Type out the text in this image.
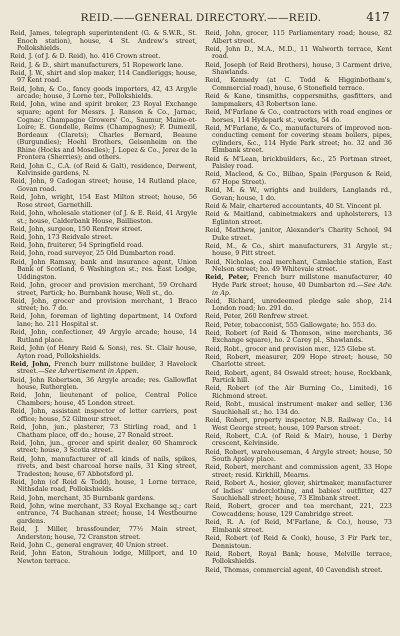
REID.——GENERAL DIRECTORY.——REID.	417

Reid, James, telegraph superintendent (G. & S.W.R., St. Enoch station), house, 4 St. Andrew's street, Pollokshields.

Reid, J. (of J. & D. Reid), ho. 416 Crown street.

Reid, J. & D., shirt manufacturers, 51 Ropework lane.

Reid, J. W., shirt and slop maker, 114 Candleriggs; house, 97 Kent road.

Reid, John, & Co., fancy goods importers, 42, 43 Argyle arcade; house, 3 Lorne ter., Pollokshields.

Reid, John, wine and spirit broker, 23 Royal Exchange square; agent for Messrs. J. Ranson & Co., Jarnac, Cognac; Champagne Growers' Co., Saumur, Maine-et-Loire; E. Gondelle, Reims (Champagnes); F. Dumezil, Bordeaux (Clarets); Charles Bernard, Beaune (Burgundies); Hoehl Brothers, Geisenheim on the Rhine (Hocks and Moselles); J. Lopez & Co., Jerez de la Frontera (Sherries); and others.

Reid, John C., C.A. (of Reid & Galt), residence, Derwent, Kelvinside gardens, N.

Reid, John, 9 Cadogan street; house, 14 Rutland place, Govan road.

Reid, John, wright, 154 East Milton street; house, 56 Rose street, Garnethill.

Reid, John, wholesale stationer (of J. & E. Reid, 41 Argyle st.; house, Calderbank House, Baillieston.

Reid, John, surgeon, 150 Renfrew street.

Reid, John, 173 Reidvale street.

Reid, John, fruiterer, 54 Springfield road.

Reid, John, road surveyor, 25 Old Dumbarton road.

Reid, John Ramsay, bank and insurance agent, Union Bank of Scotland, 6 Washington st.; res. East Lodge, Uddingston.

Reid, John, grocer and provision merchant, 59 Orchard street, Partick; ho. Burnbank house, Well st., do.

Reid, John, grocer and provision merchant, 1 Braco street; ho. 7 do.

Reid, John, foreman of lighting department, 14 Oxford lane; ho. 211 Hospital st.

Reid, John, confectioner, 49 Argyle arcade; house, 14 Rutland place.

Reid, John (of Henry Reid & Sons), res. St. Clair house, Ayton road, Pollokshields.

Reid, John, French burr millstone builder, 3 Havelock street.—See Advertisement in Appen.

Reid, John Robertson, 36 Argyle arcade; res. Gallowflat house, Rutherglen.

Reid, John, lieutenant of police, Central Police Chambers; house, 45 London street.

Reid, John, assistant inspector of letter carriers, post office; house, 52 Gilmour street.

Reid, John, jun., plasterer, 73 Stirling road, and 1 Chatham place, off do.; house, 27 Ronald street.

Reid, John, jun., grocer and spirit dealer, 60 Shamrock street; house, 3 Scotia street.

Reid, John, manufacturer of all kinds of nails, spikes, rivets, and best charcoal horse nails, 31 King street, Tradeston; house, 67 Abbotsford pl.

Reid, John (of Reid & Todd), house, 1 Lorne terrace, Nithsdale road, Pollokshields.

Reid, John, merchant, 35 Burnbank gardens.

Reid, John, wine merchant, 33 Royal Exchange sq.; cart entrance, 74 Buchanan street; house, 14 Westbourne gardens.

Reid, J. Miller, brassfounder, 77½ Main street, Anderston; house, 72 Cranston street.

Reid, John C., general engraver, 40 Union street.

Reid, John Eaton, Strahoun lodge, Millport, and 10 Newton terrace.

Reid, John, grocer, 115 Parliamentary road; house, 82 Albert street.

Reid, John D., M.A., M.D., 11 Walworth terrace, Kent road.

Reid, Joseph (of Reid Brothers), house, 3 Carment drive, Shawlands.

Reid, Kennedy (at C. Todd & Higginbotham's, Commercial road), house, 6 Stonefield terrace.

Reid & Kane, tinsmiths, coppersmiths, gasfitters, and lampmakers, 43 Robertson lane.

Reid, M'Farlane & Co., contractors with road engines or horses, 114 Hydepark st.; works, 54 do.

Reid, M'Farlane, & Co., manufacturers of improved non-conducting cement for covering steam boilers, pipes, cylinders, &c., 114 Hyde Park street; ho. 32 and 36 Elmbank street.

Reid & M'Lean, brickbuilders, &c., 25 Portman street, Paisley road.

Reid, Macleod, & Co., Bilbao, Spain (Ferguson & Reid, 67 Hope Street).

Reid, M. & W., wrights and builders, Langlands rd., Govan; house, 1 do.

Reid & Mair, chartered accountants, 40 St. Vincent pl.

Reid & Maitland, cabinetmakers and upholsterers, 13 Eglinton street.

Reid, Matthew, janitor, Alexander's Charity School, 94 Duke street.

Reid, M., & Co., shirt manufacturers, 31 Argyle st.; house, 9 Pitt street.

Reid, Nicholas, coal merchant, Camlachie station, East Nelson street; ho. 49 Whitevale street.

Reid, Peter, French burr millstone manufacturer, 40 Hyde Park street; house, 40 Dumbarton rd.—See Adv. in Ap.

Reid, Richard, unredeemed pledge sale shop, 214 London road; ho. 291 do.

Reid, Peter, 260 Renfrew street.

Reid, Peter, tobacconist, 555 Gallowgate; ho. 553 do.

Reid, Robert (of Reid & Thomson, wine merchants, 36 Exchange square), ho. 2 Carey pl., Shawlands.

Reid, Robt., grocer and provision mer., 125 Glebe st.

Reid, Robert, measurer, 209 Hope street; house, 50 Charlotte street.

Reid, Robert, agent, 84 Oswald street; house, Rockbank, Partick hill.

Reid, Robert (of the Air Burning Co., Limited), 16 Richmond street.

Reid, Robt., musical instrument maker and seller, 136 Sauchiehall st.; ho. 134 do.

Reid, Robert, property inspector, N.B. Railway Co., 14 West George street; house, 109 Parson street.

Reid, Robert, C.A. (of Reid & Mair), house, 1 Derby crescent, Kelvinside.

Reid, Robert, warehouseman, 4 Argyle street; house, 50 South Apsley place.

Reid, Robert, merchant and commission agent, 33 Hope street; resid. Kirkhill, Mearns.

Reid, Robert A., hosier, glover, shirtmaker, manufacturer of ladies' underclothing, and babies' outfitter, 427 Sauchiehall street; house, 73 Elmbank street.

Reid, Robert, grocer and tea merchant, 221, 223 Cowcaddens; house, 129 Cambridge street.

Reid, R. A. (of Reid, M'Farlane, & Co.), house, 73 Elmbank street.

Reid, Robert (of Reid & Cook), house, 3 Fir Park ter., Dennistoun.

Reid, Robert, Royal Bank; house, Melville terrace, Pollokshields.

Reid, Thomas, commercial agent, 40 Cavendish street.
